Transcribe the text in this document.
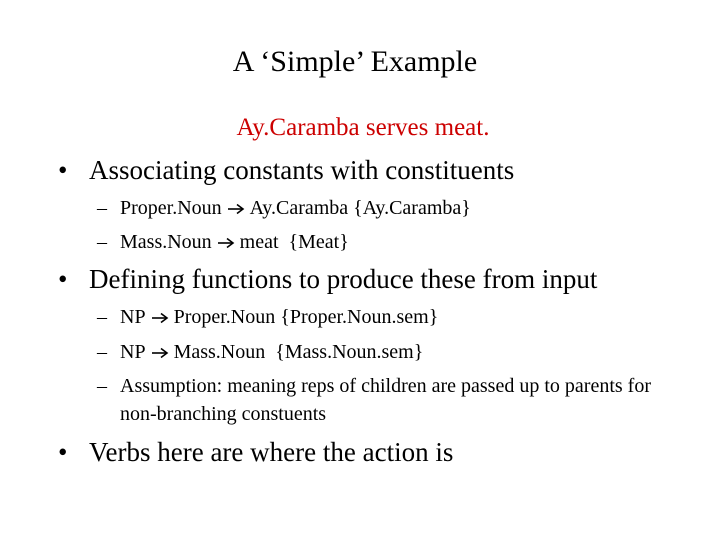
A ‘Simple’ Example
Ay.Caramba serves meat.
• Associating constants with constituents
– Proper.Noun Ay.Caramba {Ay.Caramba}
– Mass.Noun meat  {Meat}
• Defining functions to produce these from input
– NP Proper.Noun {Proper.Noun.sem}
– NP Mass.Noun  {Mass.Noun.sem}
– Assumption: meaning reps of children are passed up to parents for non-branching constuents
• Verbs here are where the action is
